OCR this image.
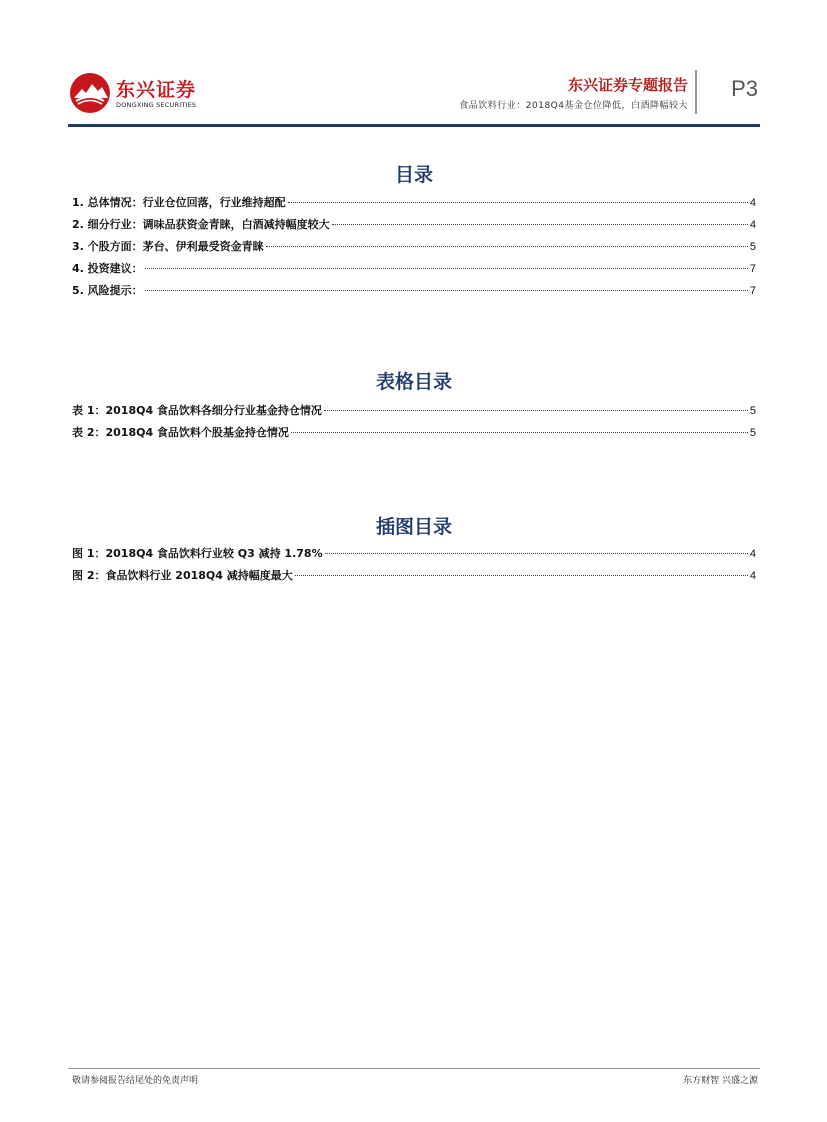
东兴证券
DONGXING SECURITIES
东兴证券专题报告
食品饮料行业：2018Q4基金仓位降低，白酒降幅较大
P3
目录
1. 总体情况：行业仓位回落，行业维持超配	4
2. 细分行业：调味品获资金青睐，白酒减持幅度较大	4
3. 个股方面：茅台、伊利最受资金青睐	5
4. 投资建议：	7
5. 风险提示：	7
表格目录
表 1：2018Q4 食品饮料各细分行业基金持仓情况	5
表 2：2018Q4 食品饮料个股基金持仓情况	5
插图目录
图 1：2018Q4 食品饮料行业较 Q3 减持 1.78%	4
图 2：食品饮料行业 2018Q4 减持幅度最大	4
敬请参阅报告结尾处的免责声明	东方财智 兴盛之源
